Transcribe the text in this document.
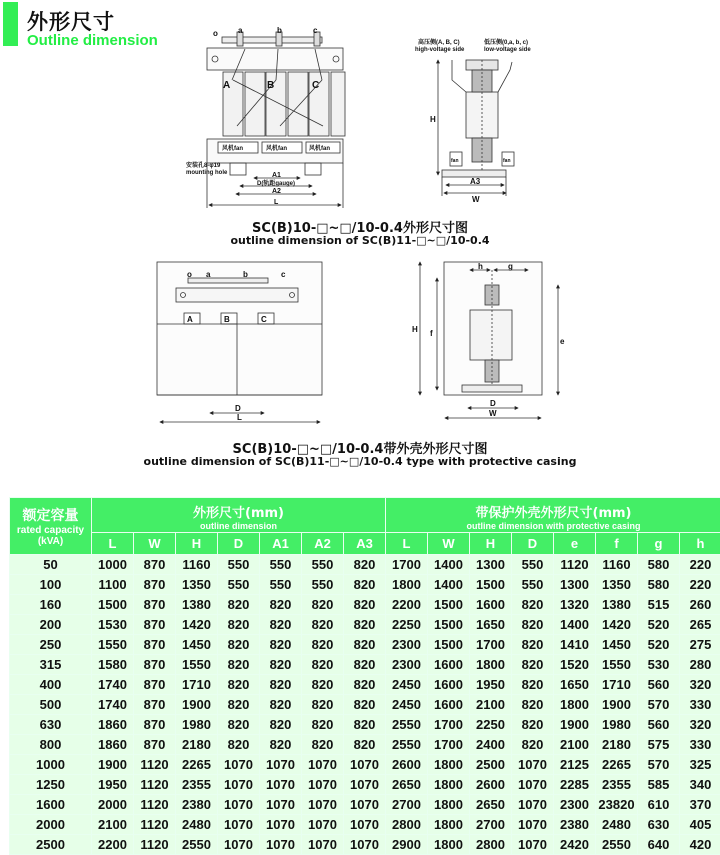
外形尺寸
Outline dimension	o	a	b	c
A	B	C
风机fan	风机fan	风机fan
安装孔8-φ19
mounting hole	A1
D(轨距gauge)
A2
L
高压侧(A, B, C)
high-voltage side
低压侧(0,a, b, c)
low-voltage side
H
A3
W
fan	fan
o a	b	c
A	B	C
D
L
h	g
H f
e
D
W
SC(B)10-□~□/10-0.4外形尺寸图
outline dimension of SC(B)11-□~□/10-0.4
SC(B)10-□~□/10-0.4带外壳外形尺寸图
outline dimension of SC(B)11-□~□/10-0.4 type with protective casing
额定容量
rated capacity
(kVA)	外形尺寸(mm)
outline dimension							带保护外壳外形尺寸(mm)
outline dimension with protective casing							

	L	W	H	D	A1	A2	A3	L	W	H	D	e	f	g	h
50	1000	870	1160	550	550	550	820	1700	1400	1300	550	1120	1160	580	220
100	1100	870	1350	550	550	550	820	1800	1400	1500	550	1300	1350	580	220
160	1500	870	1380	820	820	820	820	2200	1500	1600	820	1320	1380	515	260
200	1530	870	1420	820	820	820	820	2250	1500	1650	820	1400	1420	520	265
250	1550	870	1450	820	820	820	820	2300	1500	1700	820	1410	1450	520	275
315	1580	870	1550	820	820	820	820	2300	1600	1800	820	1520	1550	530	280
400	1740	870	1710	820	820	820	820	2450	1600	1950	820	1650	1710	560	320
500	1740	870	1900	820	820	820	820	2450	1600	2100	820	1800	1900	570	330
630	1860	870	1980	820	820	820	820	2550	1700	2250	820	1900	1980	560	320
800	1860	870	2180	820	820	820	820	2550	1700	2400	820	2100	2180	575	330
1000	1900	1120	2265	1070	1070	1070	1070	2600	1800	2500	1070	2125	2265	570	325
1250	1950	1120	2355	1070	1070	1070	1070	2650	1800	2600	1070	2285	2355	585	340
1600	2000	1120	2380	1070	1070	1070	1070	2700	1800	2650	1070	2300	23820	610	370
2000	2100	1120	2480	1070	1070	1070	1070	2800	1800	2700	1070	2380	2480	630	405
2500	2200	1120	2550	1070	1070	1070	1070	2900	1800	2800	1070	2420	2550	640	420
